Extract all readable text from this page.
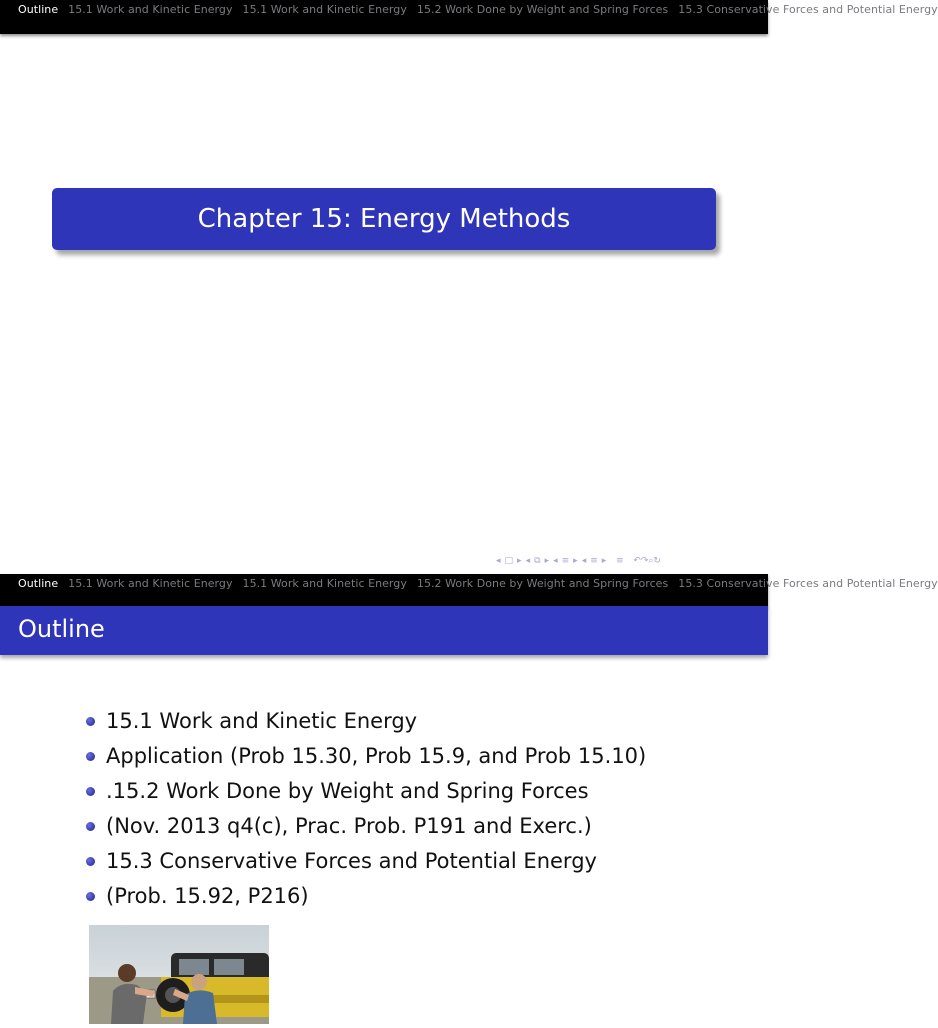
Outline 15.1 Work and Kinetic Energy 15.1 Work and Kinetic Energy 15.2 Work Done by Weight and Spring Forces 15.3 Conservative Forces and Potential Energy
Chapter 15: Energy Methods
◂ □ ▸ ◂ ⧉ ▸ ◂ ≡ ▸ ◂ ≡ ▸ ≡ ↶↷⌕↻
Outline 15.1 Work and Kinetic Energy 15.1 Work and Kinetic Energy 15.2 Work Done by Weight and Spring Forces 15.3 Conservative Forces and Potential Energy
Outline
15.1 Work and Kinetic Energy
Application (Prob 15.30, Prob 15.9, and Prob 15.10)
.15.2 Work Done by Weight and Spring Forces
(Nov. 2013 q4(c), Prac. Prob. P191 and Exerc.)
15.3 Conservative Forces and Potential Energy
(Prob. 15.92, P216)
